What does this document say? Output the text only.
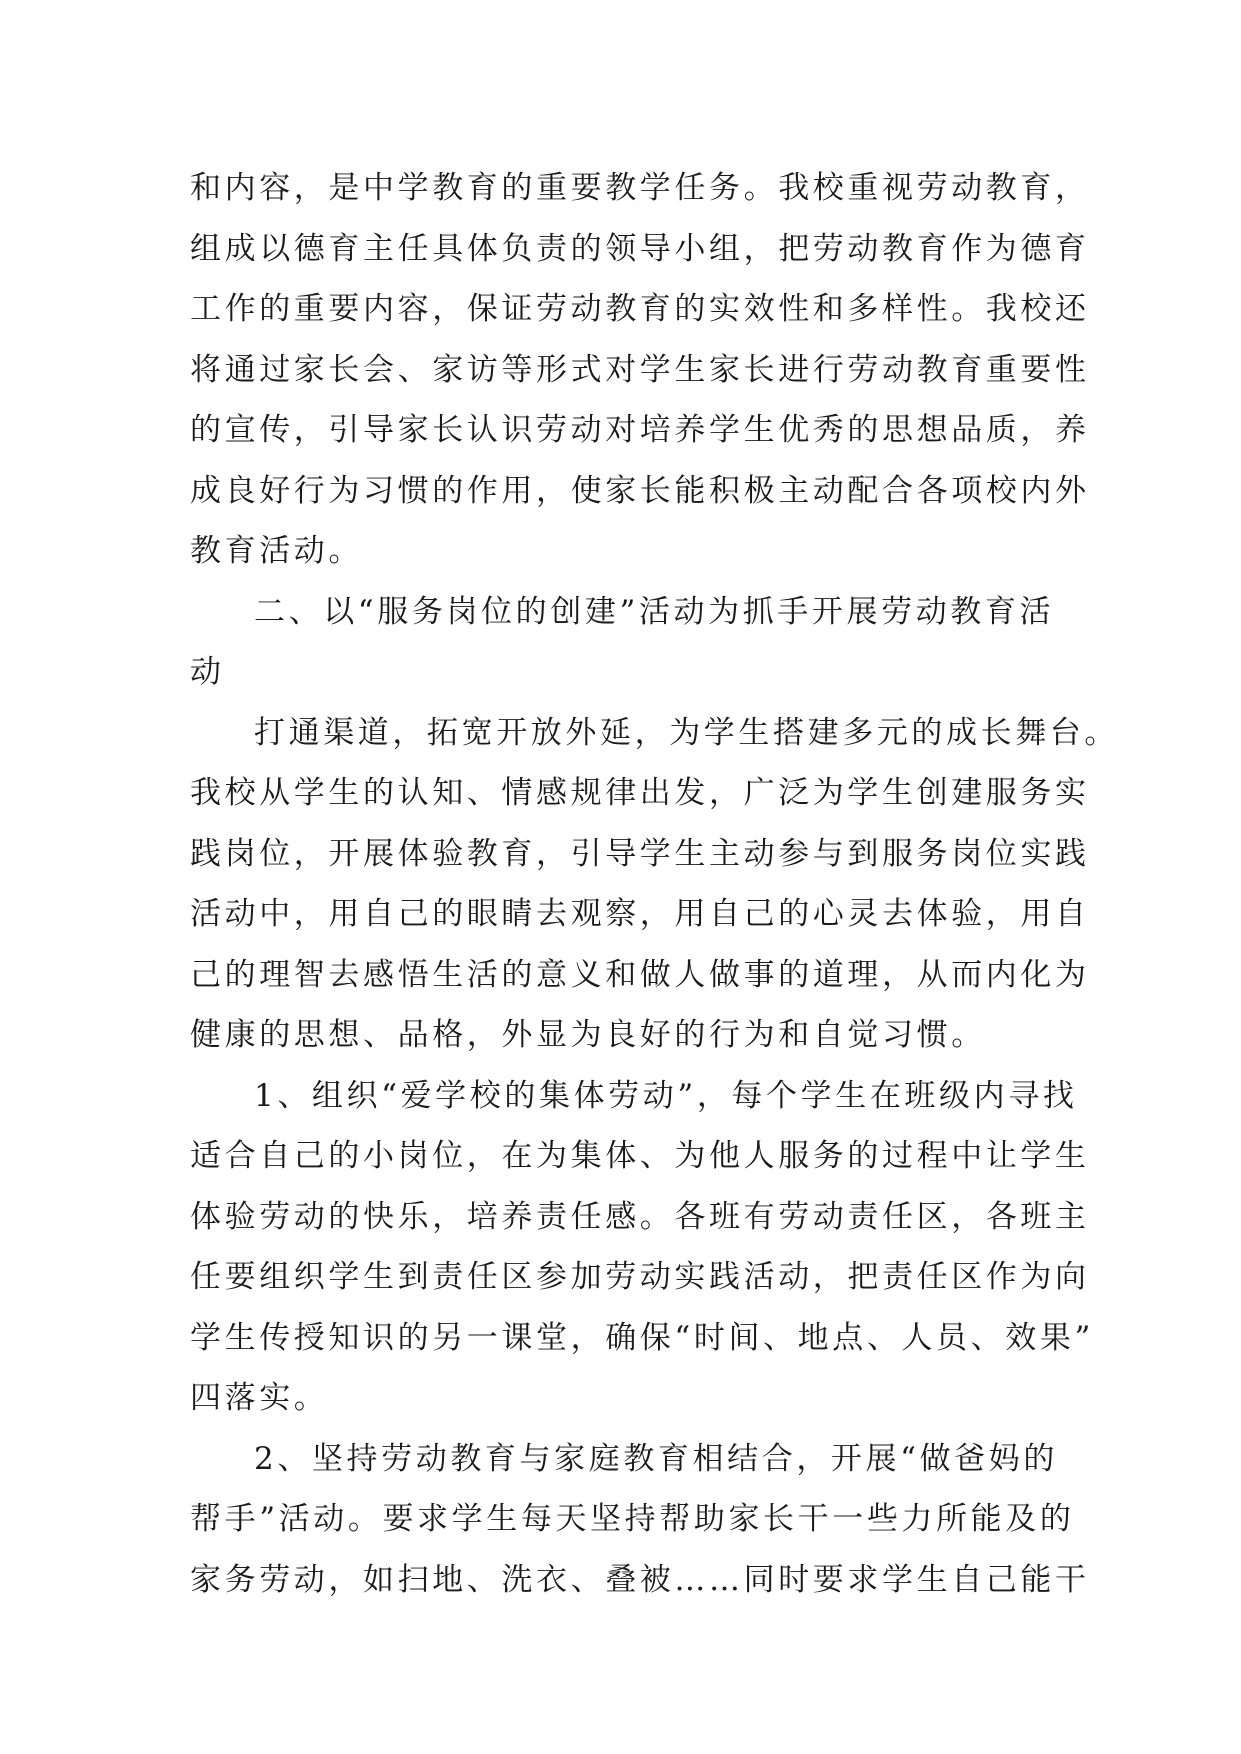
和内容，是中学教育的重要教学任务。我校重视劳动教育，
组成以德育主任具体负责的领导小组，把劳动教育作为德育
工作的重要内容，保证劳动教育的实效性和多样性。我校还
将通过家长会、家访等形式对学生家长进行劳动教育重要性
的宣传，引导家长认识劳动对培养学生优秀的思想品质，养
成良好行为习惯的作用，使家长能积极主动配合各项校内外
教育活动。
二、以“服务岗位的创建”活动为抓手开展劳动教育活
动
打通渠道，拓宽开放外延，为学生搭建多元的成长舞台。
我校从学生的认知、情感规律出发，广泛为学生创建服务实
践岗位，开展体验教育，引导学生主动参与到服务岗位实践
活动中，用自己的眼睛去观察，用自己的心灵去体验，用自
己的理智去感悟生活的意义和做人做事的道理，从而内化为
健康的思想、品格，外显为良好的行为和自觉习惯。
1、组织“爱学校的集体劳动”，每个学生在班级内寻找
适合自己的小岗位，在为集体、为他人服务的过程中让学生
体验劳动的快乐，培养责任感。各班有劳动责任区，各班主
任要组织学生到责任区参加劳动实践活动，把责任区作为向
学生传授知识的另一课堂，确保“时间、地点、人员、效果”
四落实。
2、坚持劳动教育与家庭教育相结合，开展“做爸妈的
帮手”活动。要求学生每天坚持帮助家长干一些力所能及的
家务劳动，如扫地、洗衣、叠被……同时要求学生自己能干
